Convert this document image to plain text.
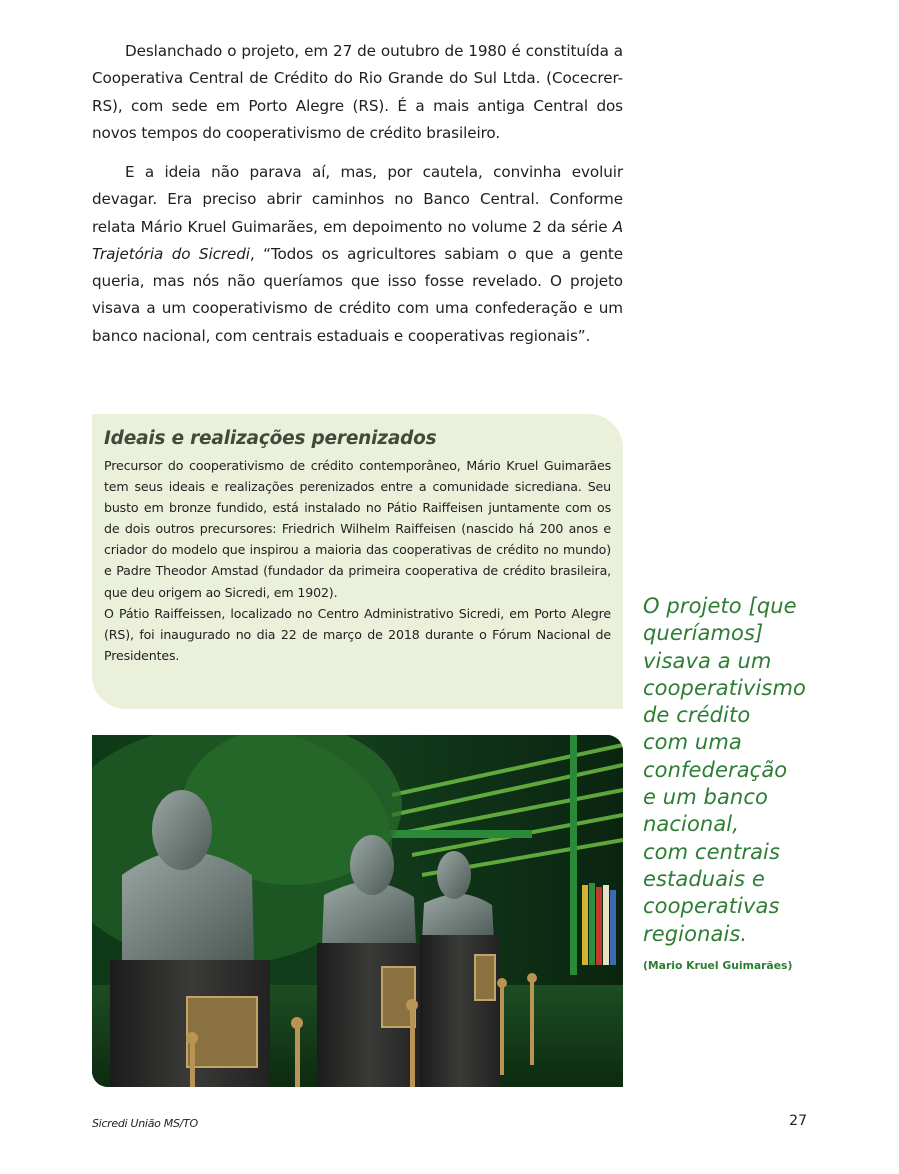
Deslanchado o projeto, em 27 de outubro de 1980 é constituída a Cooperativa Central de Crédito do Rio Grande do Sul Ltda. (Cocecrer-RS), com sede em Porto Alegre (RS). É a mais antiga Central dos novos tempos do cooperativismo de crédito brasileiro.

E a ideia não parava aí, mas, por cautela, convinha evoluir devagar. Era preciso abrir caminhos no Banco Central. Conforme relata Mário Kruel Guimarães, em depoimento no volume 2 da série A Trajetória do Sicredi, “Todos os agricultores sabiam o que a gente queria, mas nós não queríamos que isso fosse revelado. O projeto visava a um cooperativismo de crédito com uma confederação e um banco nacional, com centrais estaduais e cooperativas regionais”.

Ideais e realizações perenizados

Precursor do cooperativismo de crédito contemporâneo, Mário Kruel Guimarães tem seus ideais e realizações perenizados entre a comunidade sicrediana. Seu busto em bronze fundido, está instalado no Pátio Raiffeisen juntamente com os de dois outros precursores: Friedrich Wilhelm Raiffeisen (nascido há 200 anos e criador do modelo que inspirou a maioria das cooperativas de crédito no mundo) e Padre Theodor Amstad (fundador da primeira cooperativa de crédito brasileira, que deu origem ao Sicredi, em 1902).

O Pátio Raiffeissen, localizado no Centro Administrativo Sicredi, em Porto Alegre (RS), foi inaugurado no dia 22 de março de 2018 durante o Fórum Nacional de Presidentes.

O projeto [que
queríamos]
visava a um
cooperativismo
de crédito
com uma
confederação
e um banco
nacional,
com centrais
estaduais e
cooperativas
regionais.
(Mario Kruel Guimarães)
Sicredi União MS/TO	27
